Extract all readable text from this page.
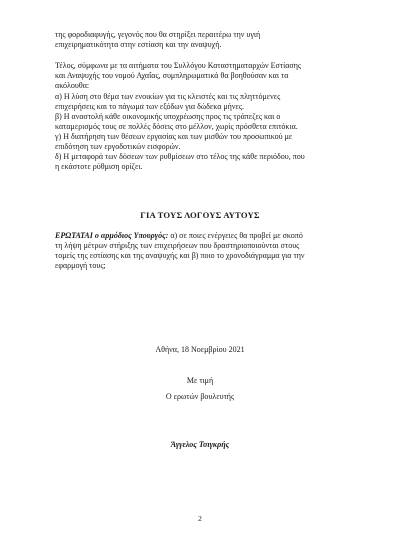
της φοροδιαφυγής, γεγονός που θα στηρίξει περαιτέρω την υγιή
επιχειρηματικότητα στην εστίαση και την αναψυχή.
Τέλος, σύμφωνα με τα αιτήματα του Συλλόγου Καταστηματαρχών Εστίασης
και Αναψυχής του νομού Αχαΐας, συμπληρωματικά θα βοηθούσαν και τα
ακόλουθα:
α) Η λύση στο θέμα των ενοικίων για τις κλειστές και τις πληττόμενες
επιχειρήσεις και το πάγωμα των εξόδων για δώδεκα μήνες.
β) Η αναστολή κάθε οικονομικής υποχρέωσης προς τις τράπεζες και ο
καταμερισμός τους σε πολλές δόσεις στο μέλλον, χωρίς πρόσθετα επιτόκια.
γ) Η διατήρηση των θέσεων εργασίας και των μισθών του προσωπικού με
επιδότηση των εργοδοτικών εισφορών.
δ) Η μεταφορά των δόσεων των ρυθμίσεων στο τέλος της κάθε περιόδου, που
η εκάστοτε ρύθμιση ορίζει.
ΓΙΑ ΤΟΥΣ ΛΟΓΟΥΣ ΑΥΤΟΥΣ
ΕΡΩΤΑΤΑΙ ο αρμόδιος Υπουργός: α) σε ποιες ενέργειες θα προβεί με σκοπό
τη λήψη μέτρων στήριξης των επιχειρήσεων που δραστηριοποιούνται στους
τομείς της εστίασης και της αναψυχής και β) ποιο το χρονοδιάγραμμα για την
εφαρμογή τους;
Αθήνα, 18 Νοεμβρίου 2021
Με τιμή
Ο ερωτών βουλευτής
Άγγελος Τσιγκρής
2
